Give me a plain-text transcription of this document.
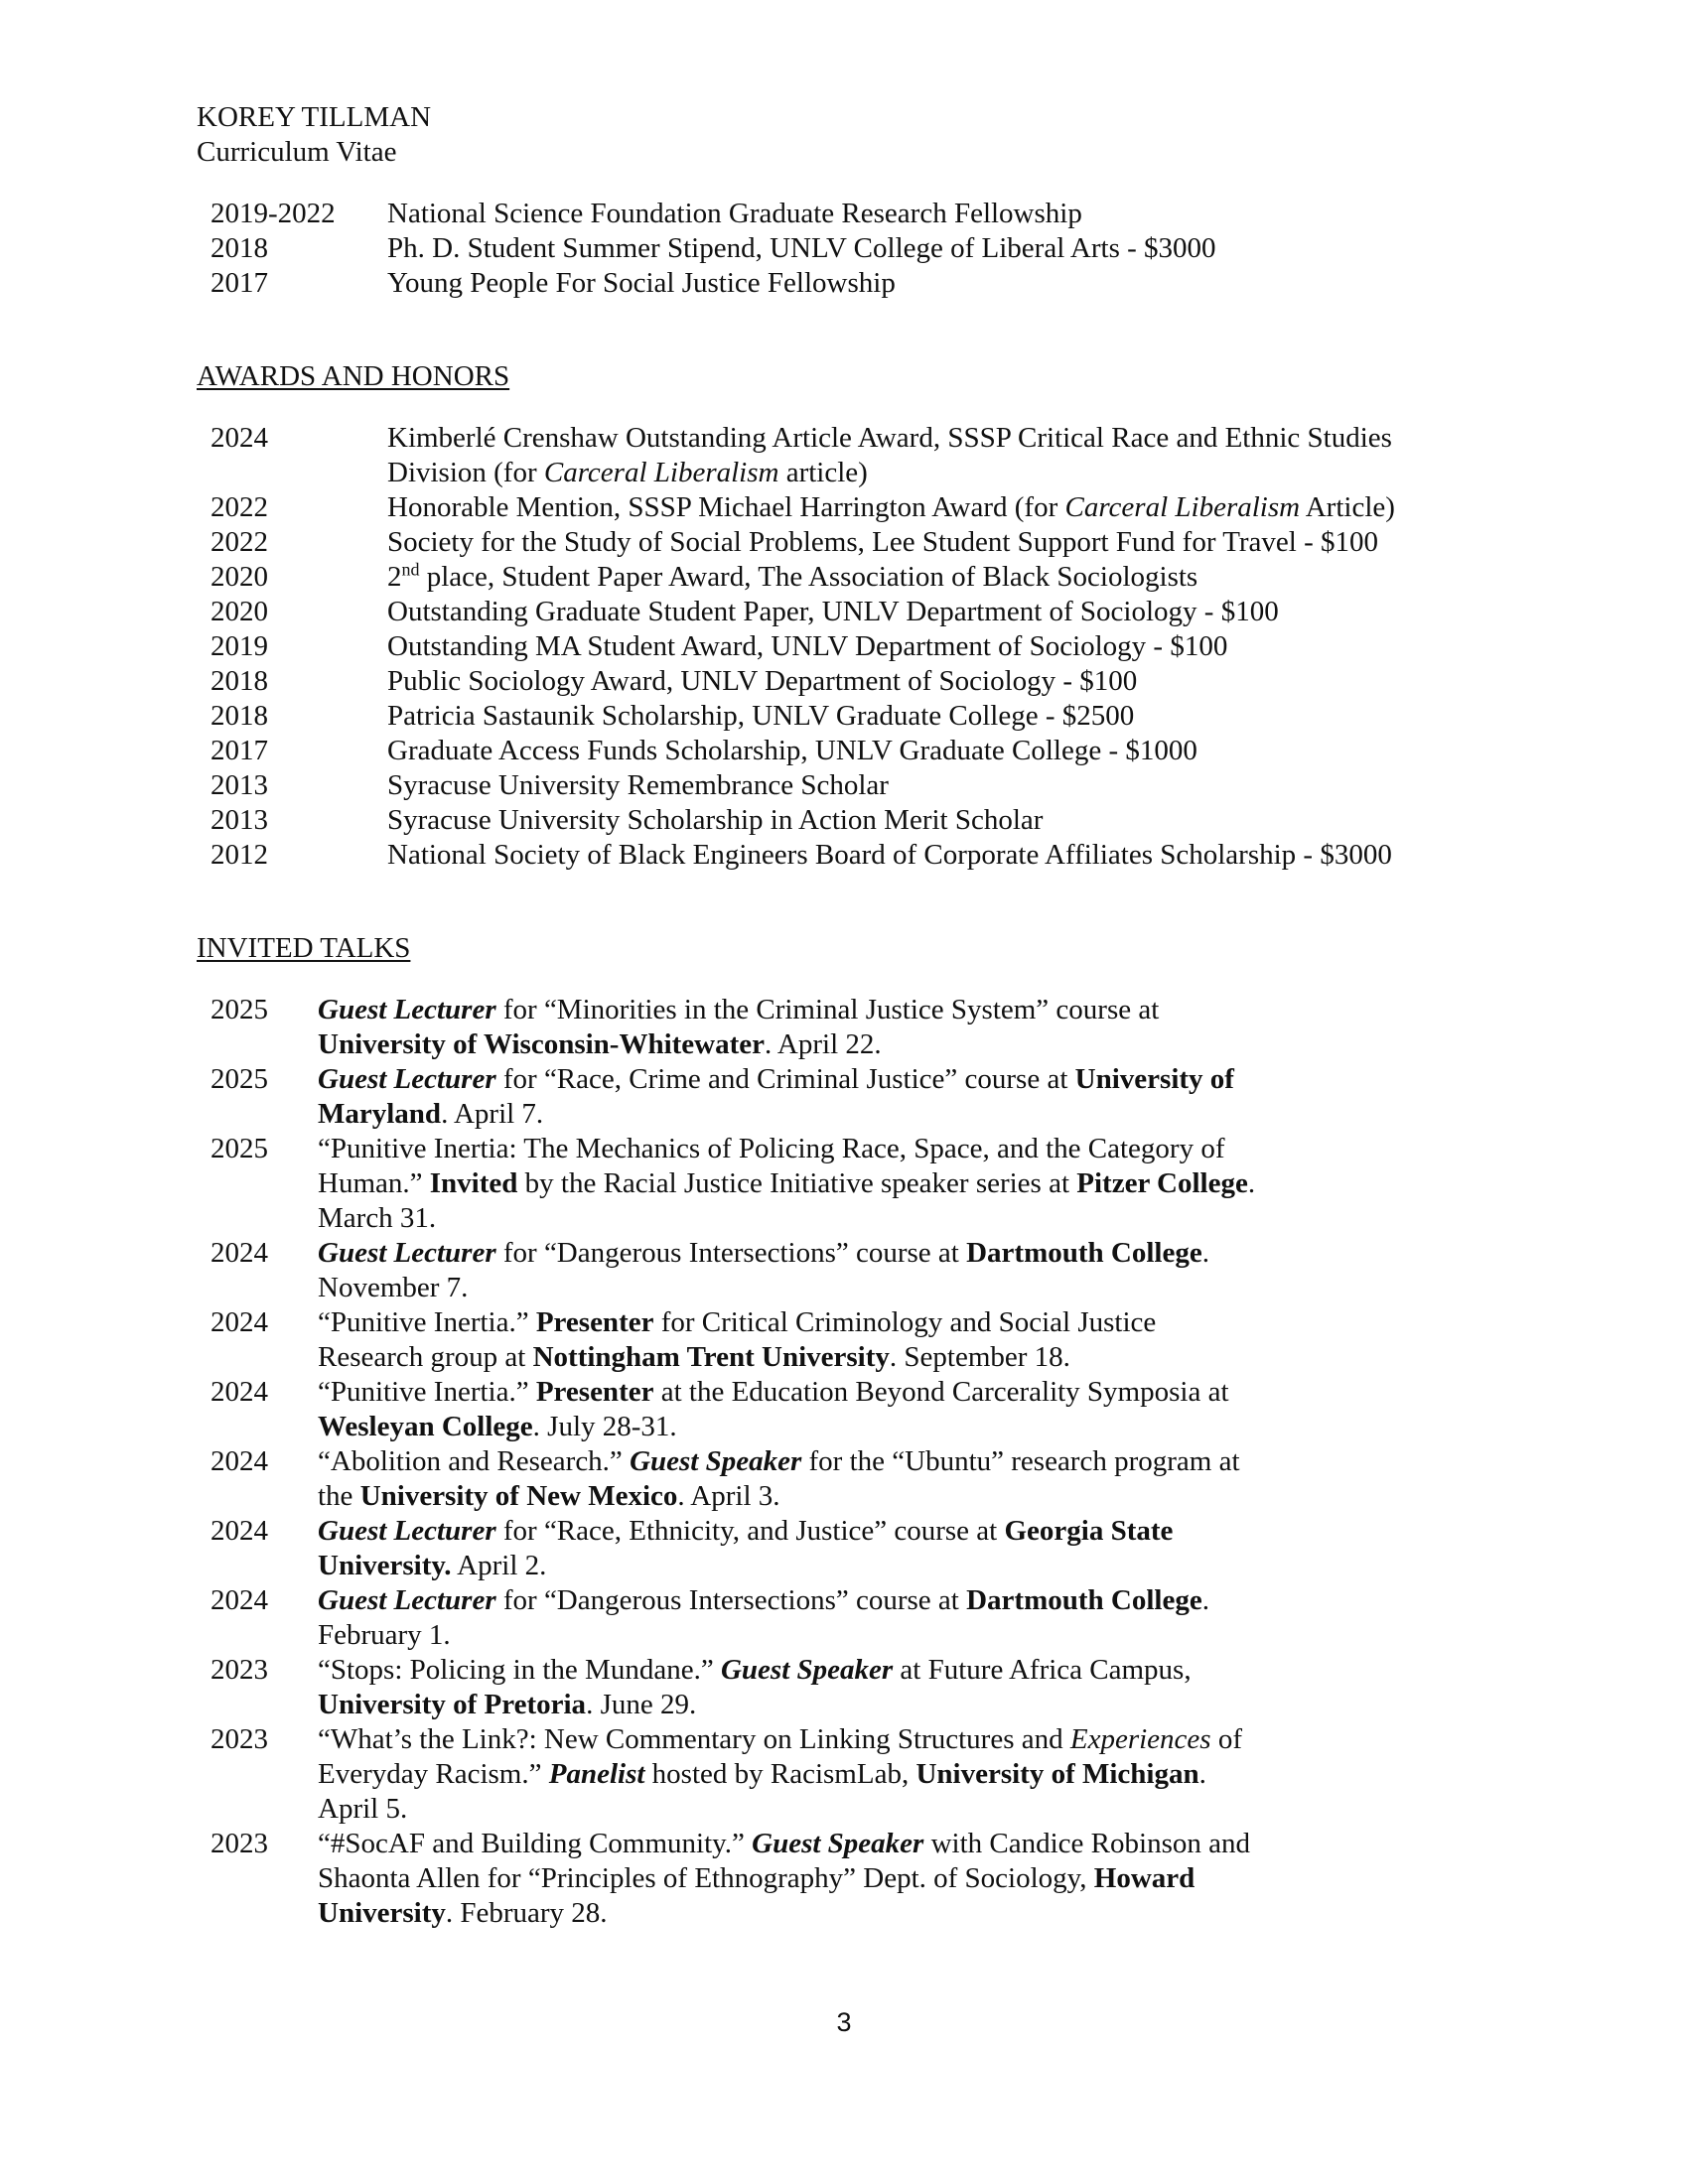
KOREY TILLMAN
Curriculum Vitae
2019-2022 National Science Foundation Graduate Research Fellowship
2018	Ph. D. Student Summer Stipend, UNLV College of Liberal Arts - $3000
2017	Young People For Social Justice Fellowship
AWARDS AND HONORS
2024	Kimberlé Crenshaw Outstanding Article Award, SSSP Critical Race and Ethnic Studies
Division (for Carceral Liberalism article)
2022	Honorable Mention, SSSP Michael Harrington Award (for Carceral Liberalism Article)
2022	Society for the Study of Social Problems, Lee Student Support Fund for Travel - $100
2020	2nd place, Student Paper Award, The Association of Black Sociologists
2020	Outstanding Graduate Student Paper, UNLV Department of Sociology - $100
2019	Outstanding MA Student Award, UNLV Department of Sociology - $100
2018	Public Sociology Award, UNLV Department of Sociology - $100
2018	Patricia Sastaunik Scholarship, UNLV Graduate College - $2500
2017	Graduate Access Funds Scholarship, UNLV Graduate College - $1000
2013	Syracuse University Remembrance Scholar
2013	Syracuse University Scholarship in Action Merit Scholar
2012	National Society of Black Engineers Board of Corporate Affiliates Scholarship - $3000
INVITED TALKS
2025 Guest Lecturer for “Minorities in the Criminal Justice System” course at
University of Wisconsin-Whitewater. April 22.
2025 Guest Lecturer for “Race, Crime and Criminal Justice” course at University of
Maryland. April 7.
2025 “Punitive Inertia: The Mechanics of Policing Race, Space, and the Category of
Human.” Invited by the Racial Justice Initiative speaker series at Pitzer College.
March 31.
2024 Guest Lecturer for “Dangerous Intersections” course at Dartmouth College.
November 7.
2024 “Punitive Inertia.” Presenter for Critical Criminology and Social Justice
Research group at Nottingham Trent University. September 18.
2024 “Punitive Inertia.” Presenter at the Education Beyond Carcerality Symposia at
Wesleyan College. July 28-31.
2024 “Abolition and Research.” Guest Speaker for the “Ubuntu” research program at
the University of New Mexico. April 3.
2024 Guest Lecturer for “Race, Ethnicity, and Justice” course at Georgia State
University. April 2.
2024 Guest Lecturer for “Dangerous Intersections” course at Dartmouth College.
February 1.
2023 “Stops: Policing in the Mundane.” Guest Speaker at Future Africa Campus,
University of Pretoria. June 29.
2023 “What’s the Link?: New Commentary on Linking Structures and Experiences of
Everyday Racism.” Panelist hosted by RacismLab, University of Michigan.
April 5.
2023 “#SocAF and Building Community.” Guest Speaker with Candice Robinson and
Shaonta Allen for “Principles of Ethnography” Dept. of Sociology, Howard
University. February 28.
3
